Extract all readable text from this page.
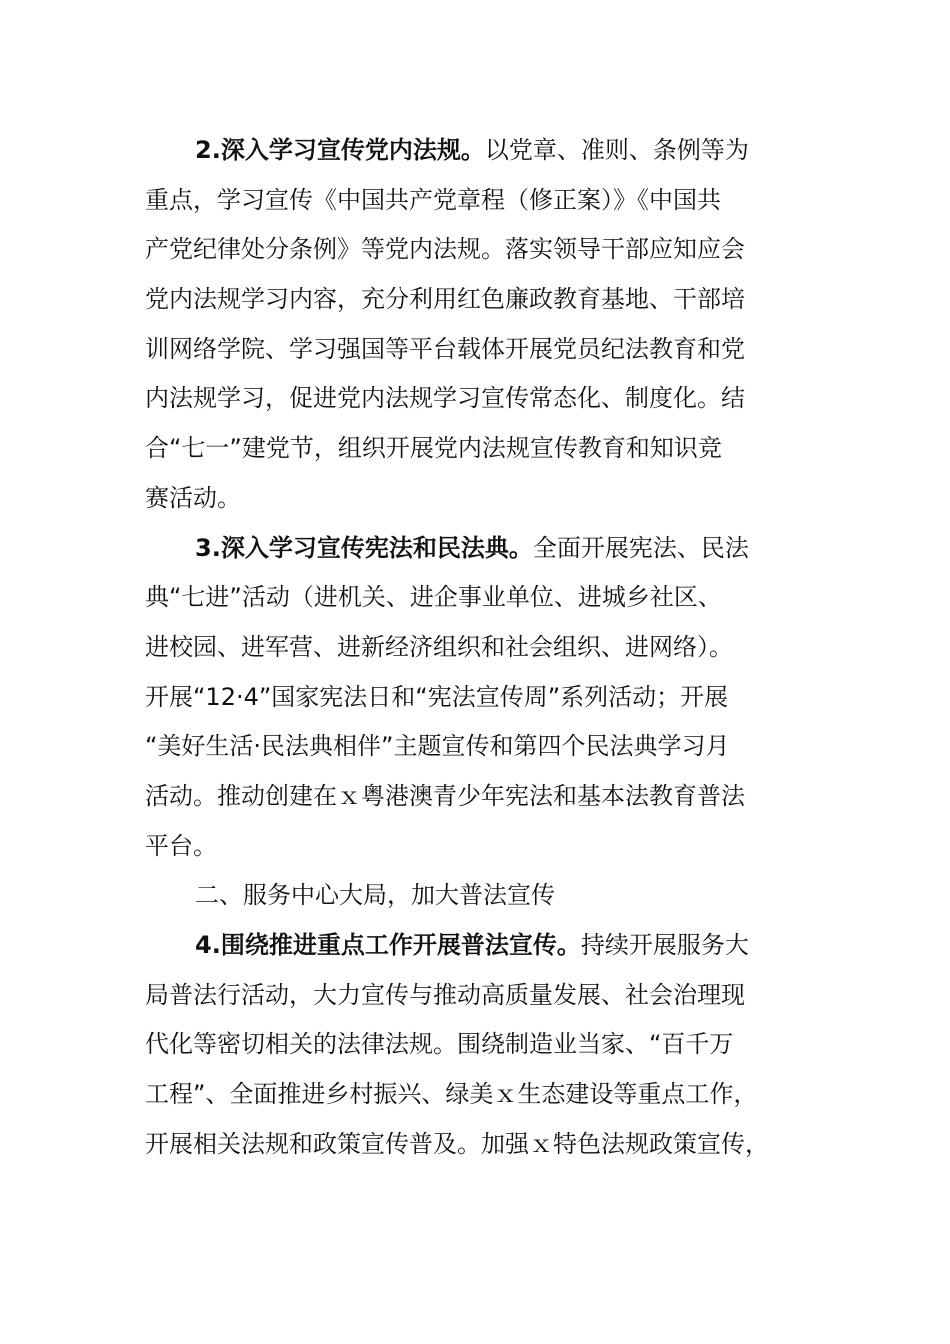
2.深入学习宣传党内法规。以党章、准则、条例等为
重点，学习宣传《中国共产党章程（修正案）》《中国共
产党纪律处分条例》等党内法规。落实领导干部应知应会
党内法规学习内容，充分利用红色廉政教育基地、干部培
训网络学院、学习强国等平台载体开展党员纪法教育和党
内法规学习，促进党内法规学习宣传常态化、制度化。结
合“七一”建党节，组织开展党内法规宣传教育和知识竞
赛活动。
3.深入学习宣传宪法和民法典。全面开展宪法、民法
典“七进”活动（进机关、进企事业单位、进城乡社区、
进校园、进军营、进新经济组织和社会组织、进网络）。
开展“12·4”国家宪法日和“宪法宣传周”系列活动；开展
“美好生活·民法典相伴”主题宣传和第四个民法典学习月
活动。推动创建在ｘ粤港澳青少年宪法和基本法教育普法
平台。
二、服务中心大局，加大普法宣传
4.围绕推进重点工作开展普法宣传。持续开展服务大
局普法行活动，大力宣传与推动高质量发展、社会治理现
代化等密切相关的法律法规。围绕制造业当家、“百千万
工程”、全面推进乡村振兴、绿美ｘ生态建设等重点工作，
开展相关法规和政策宣传普及。加强ｘ特色法规政策宣传，
